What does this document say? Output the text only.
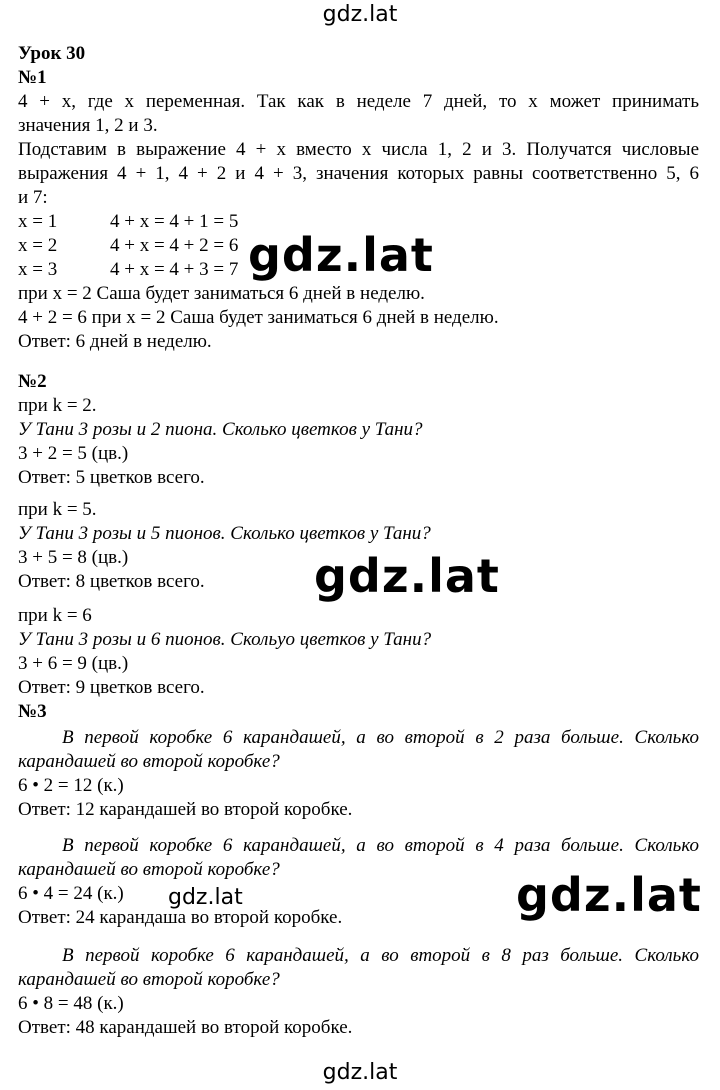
Урок 30
№1
4 + x, где x переменная. Так как в неделе 7 дней, то x может принимать
значения 1, 2 и 3.
Подставим в выражение 4 + x вместо x числа 1, 2 и 3. Получатся числовые
выражения 4 + 1, 4 + 2 и 4 + 3, значения которых равны соответственно 5, 6
и 7:
x = 1	4 + x = 4 + 1 = 5
x = 2	4 + x = 4 + 2 = 6
x = 3	4 + x = 4 + 3 = 7
при x = 2 Саша будет заниматься 6 дней в неделю.
4 + 2 = 6 при x = 2 Саша будет заниматься 6 дней в неделю.
Ответ: 6 дней в неделю.
№2
при k = 2.
У Тани 3 розы и 2 пиона. Сколько цветков у Тани?
3 + 2 = 5 (цв.)
Ответ: 5 цветков всего.
при k = 5.
У Тани 3 розы и 5 пионов. Сколько цветков у Тани?
3 + 5 = 8 (цв.)
Ответ: 8 цветков всего.
при k = 6
У Тани 3 розы и 6 пионов. Скольуо цветков у Тани?
3 + 6 = 9 (цв.)
Ответ: 9 цветков всего.
№3
В первой коробке 6 карандашей, а во второй в 2 раза больше. Сколько
карандашей во второй коробке?
6 • 2 = 12 (к.)
Ответ: 12 карандашей во второй коробке.
В первой коробке 6 карандашей, а во второй в 4 раза больше. Сколько
карандашей во второй коробке?
6 • 4 = 24 (к.)
Ответ: 24 карандаша во второй коробке.
В первой коробке 6 карандашей, а во второй в 8 раз больше. Сколько
карандашей во второй коробке?
6 • 8 = 48 (к.)
Ответ: 48 карандашей во второй коробке.
gdz.lat
gdz.lat
gdz.lat
gdz.lat
gdz.lat
gdz.lat
